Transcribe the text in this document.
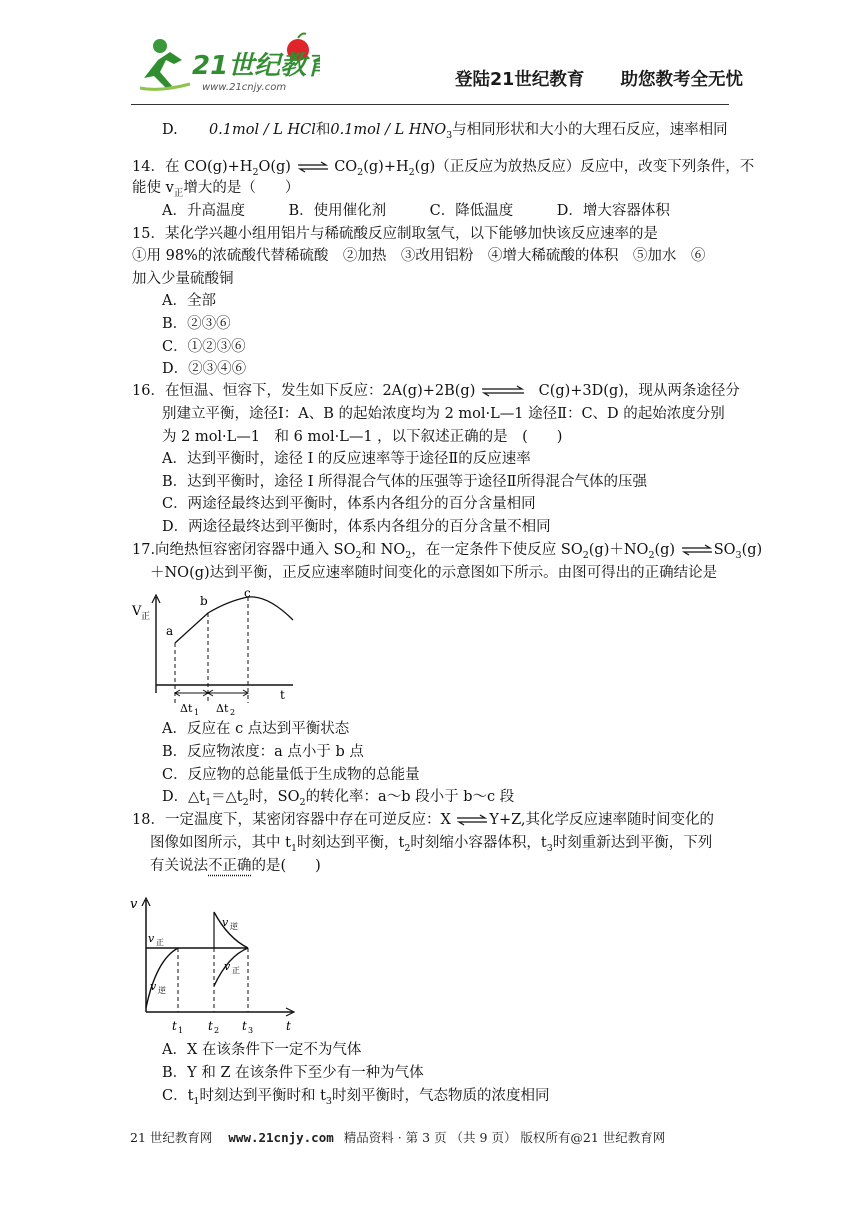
21世纪教育
www.21cnjy.com	登陆21世纪教育 助您教考全无忧
D. 0.1mol / L HCl和0.1mol / L $HNO_3$与相同形状和大小的大理石反应，速率相同
14．在 $CO(g)+H_2O(g)$ ⇌ $CO_2(g)+H_2(g)$（正反应为放热反应）反应中，改变下列条件，不
能使 $v_正$增大的是（　　）
A．升高温度　　　B．使用催化剂　　　C．降低温度　　　D．增大容器体积
15．某化学兴趣小组用铝片与稀硫酸反应制取氢气，以下能够加快该反应速率的是
①用 98%的浓硫酸代替稀硫酸　②加热　③改用铝粉　④增大稀硫酸的体积　⑤加水　⑥
加入少量硫酸铜
A．全部
B．②③⑥
C．①②③⑥
D．②③④⑥
16．在恒温、恒容下，发生如下反应：2A(g)+2B(g) ⇌ C(g)+3D(g)，现从两条途径分
别建立平衡，途径Ⅰ：A、B 的起始浓度均为 2 mol·L—1 途径Ⅱ：C、D 的起始浓度分别
为 2 mol·L—1　和 6 mol·L—1 ，以下叙述正确的是　(　　)
A．达到平衡时，途径 I 的反应速率等于途径Ⅱ的反应速率
B．达到平衡时，途径 I 所得混合气体的压强等于途径Ⅱ所得混合气体的压强
C．两途径最终达到平衡时，体系内各组分的百分含量相同
D．两途径最终达到平衡时，体系内各组分的百分含量不相同
17.向绝热恒容密闭容器中通入 $SO_2$和 $NO_2$，在一定条件下使反应 $SO_2(g)+NO_2(g)$ $\rightleftharpoons SO_3(g)$
＋NO(g)达到平衡，正反应速率随时间变化的示意图如下所示。由图可得出的正确结论是
V 正
a
b
c
t
Δt 1 Δt 2
A．反应在 c 点达到平衡状态
B．反应物浓度：a 点小于 b 点
C．反应物的总能量低于生成物的总能量
D．$\triangle t_1=\triangle t_2$时，$SO_2$的转化率：a～b 段小于 b～c 段
18．一定温度下，某密闭容器中存在可逆反应：X ⇌Y+Z,其化学反应速率随时间变化的
图像如图所示，其中 $t_1$时刻达到平衡，$t_2$时刻缩小容器体积，$t_3$时刻重新达到平衡，下列
有关说法不正确的是(　　)
v
v 正
v 逆
v 逆
v 正
t 1 t 2 t 3	t
A．X 在该条件下一定不为气体
B．Y 和 Z 在该条件下至少有一种为气体
C．$t_1$时刻达到平衡时和 $t_3$时刻平衡时，气态物质的浓度相同
21 世纪教育网 www.21cnjy.com 精品资料 · 第 3 页 （共 9 页） 版权所有@21 世纪教育网
